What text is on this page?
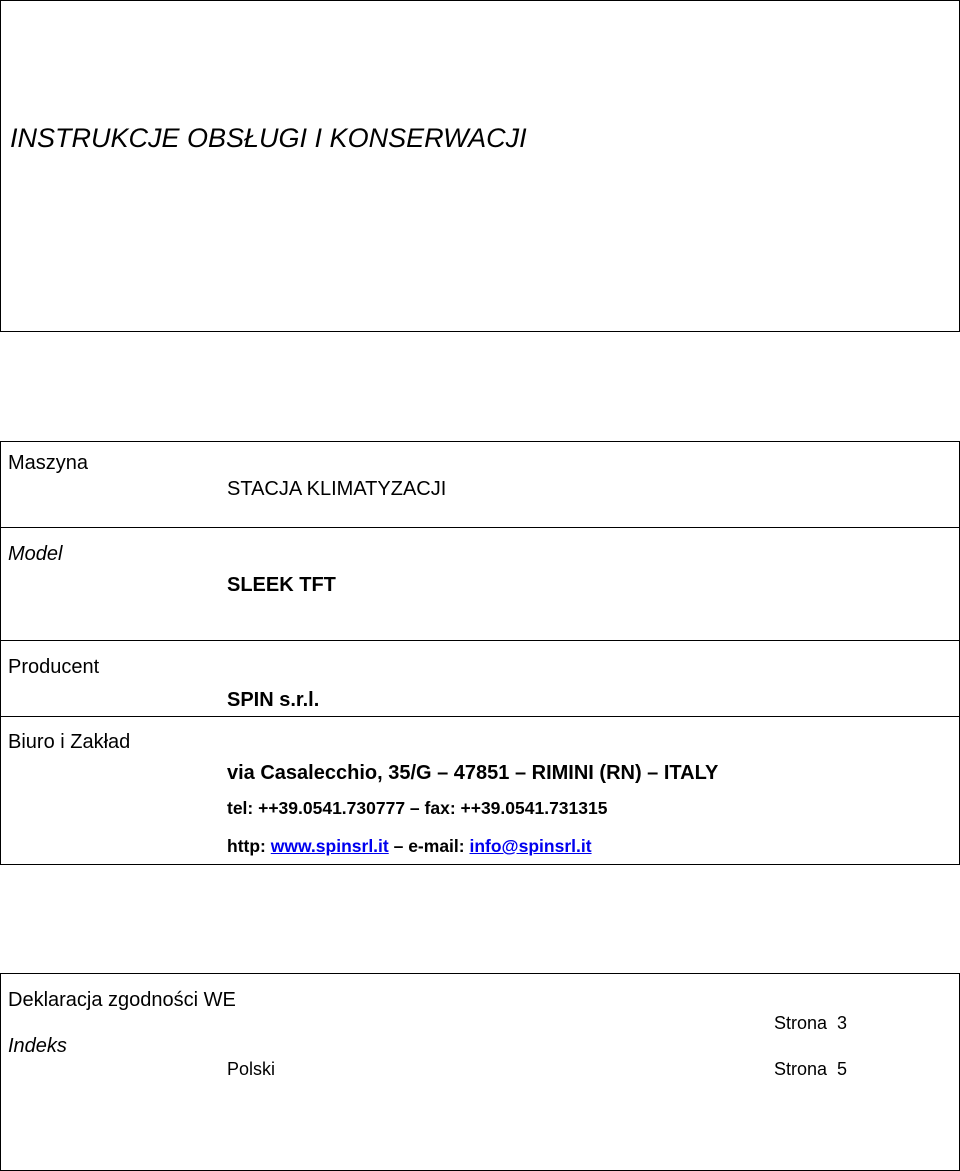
INSTRUKCJE OBSŁUGI I KONSERWACJI
Maszyna
STACJA KLIMATYZACJI
Model
SLEEK TFT
Producent
SPIN s.r.l.
Biuro i Zakład
via Casalecchio, 35/G – 47851 – RIMINI (RN) – ITALY
tel: ++39.0541.730777 – fax: ++39.0541.731315
http: www.spinsrl.it – e-mail: info@spinsrl.it
Deklaracja zgodności WE
Strona  3
Indeks
Polski	Strona  5
